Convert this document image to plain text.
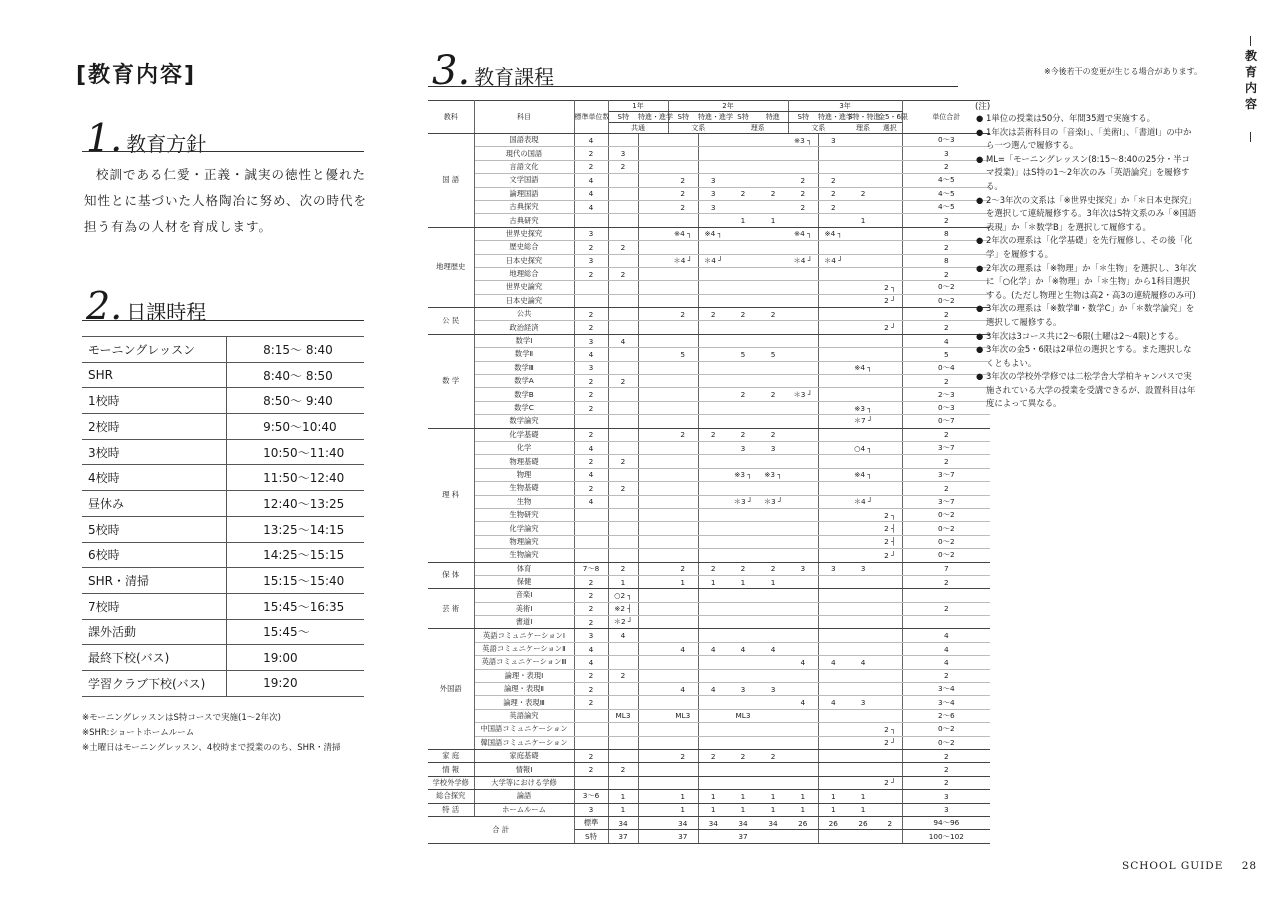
[教育内容]
1. 教育方針
校訓である仁愛・正義・誠実の徳性と優れた知性とに基づいた人格陶冶に努め、次の時代を担う有為の人材を育成します。
2. 日課時程
モーニングレッスン	8:15～ 8:40
SHR	8:40～ 8:50
1校時	8:50～ 9:40
2校時	9:50～10:40
3校時	10:50～11:40
4校時	11:50～12:40
昼休み	12:40～13:25
5校時	13:25～14:15
6校時	14:25～15:15
SHR・清掃	15:15～15:40
7校時	15:45～16:35
課外活動	15:45～
最終下校(バス)	19:00
学習クラブ下校(バス)	19:20
※モーニングレッスンはS特コースで実施(1～2年次)
※SHR:ショートホームルーム
※土曜日はモーニングレッスン、4校時まで授業ののち、SHR・清掃
3. 教育課程	※今後若干の変更が生じる場合があります。
教科	科目	標準単位数	1年		2年				3年				単位合計
			S特	特進・進学	S特	特進・進学	S特	特進	S特	特進・進学	S特・特進	金5・6限	
			共通		文系		理系		文系		理系	選択	
国 語	国語表現	4							※3 ┐	3			0～3
	現代の国語	2	3										3
	言語文化	2	2										2
	文学国語	4			2	3			2	2			4～5
	論理国語	4			2	3	2	2	2	2	2		4～5
	古典探究	4			2	3			2	2			4～5
	古典研究						1	1			1		2
地理歴史	世界史探究	3			※4 ┐	※4 ┐			※4 ┐	※4 ┐			8
	歴史総合	2	2										2
	日本史探究	3			＊4 ┘	＊4 ┘			＊4 ┘	＊4 ┘			8
	地理総合	2	2										2
	世界史論究											2 ┐	0～2
	日本史論究											2 ┘	0～2
公 民	公共	2			2	2	2	2					2
	政治経済	2										2 ┘	2
数 学	数学Ⅰ	3	4										4
	数学Ⅱ	4			5		5	5					5
	数学Ⅲ	3									※4 ┐		0～4
	数学A	2	2										2
	数学B	2					2	2	＊3 ┘				2～3
	数学C	2									※3 ┐		0～3
	数学論究										＊7 ┘		0～7
理 科	化学基礎	2			2	2	2	2					2
	化学	4					3	3			○4 ┐		3～7
	物理基礎	2	2										2
	物理	4					※3 ┐	※3 ┐			※4 ┐		3～7
	生物基礎	2	2										2
	生物	4					＊3 ┘	＊3 ┘			＊4 ┘		3～7
	生物研究											2 ┐	0～2
	化学論究											2 ┤	0～2
	物理論究											2 ┤	0～2
	生物論究											2 ┘	0～2
保 体	体育	7～8	2		2	2	2	2	3	3	3		7
	保健	2	1		1	1	1	1					2
芸 術	音楽Ⅰ	2	○2 ┐										
	美術Ⅰ	2	※2 ┤										2
	書道Ⅰ	2	＊2 ┘										
外国語	英語コミュニケーションⅠ	3	4										4
	英語コミュニケーションⅡ	4			4	4	4	4					4
	英語コミュニケーションⅢ	4							4	4	4		4
	論理・表現Ⅰ	2	2										2
	論理・表現Ⅱ	2			4	4	3	3					3～4
	論理・表現Ⅲ	2							4	4	3		3～4
	英語論究		ML3		ML3		ML3						2～6
	中国語コミュニケーション											2 ┐	0～2
	韓国語コミュニケーション											2 ┘	0～2
家 庭	家庭基礎	2			2	2	2	2					2
情 報	情報Ⅰ	2	2										2
学校外学修	大学等における学修											2 ┘	2
総合探究	論語	3～6	1		1	1	1	1	1	1	1		3
特 活	ホームルーム	3	1		1	1	1	1	1	1	1		3
合 計		標準	34		34	34	34	34	26	26	26	2	94～96
		S特	37		37		37						100～102
(注)
● 1単位の授業は50分、年間35週で実施する。
● 1年次は芸術科目の「音楽Ⅰ」、「美術Ⅰ」、「書道Ⅰ」の中から一つ選んで履修する。
● ML=「モーニングレッスン(8:15～8:40の25分・半コマ授業)」はS特の1～2年次のみ「英語論究」を履修する。
● 2～3年次の文系は「※世界史探究」か「＊日本史探究」を選択して連続履修する。3年次はS特文系のみ「※国語表現」か「＊数学B」を選択して履修する。
● 2年次の理系は「化学基礎」を先行履修し、その後「化学」を履修する。
● 2年次の理系は「※物理」か「＊生物」を選択し、3年次に「○化学」か「※物理」か「＊生物」から1科目選択する。(ただし物理と生物は高2・高3の連続履修のみ可)
● 3年次の理系は「※数学Ⅲ・数学C」か「＊数学論究」を選択して履修する。
● 3年次は3コース共に2～6限(土曜は2～4限)とする。
● 3年次の金5・6限は2単位の選択とする。また選択しなくともよい。
● 3年次の学校外学修では二松学舎大学柏キャンパスで実施されている大学の授業を受講できるが、設置科目は年度によって異なる。
教育内容
SCHOOL GUIDE 28
